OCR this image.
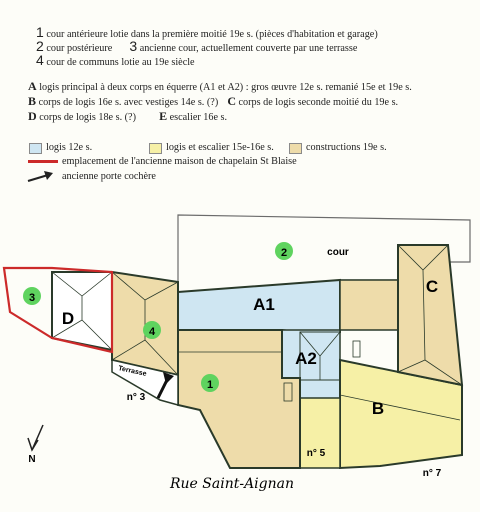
1 cour antérieure lotie dans la première moitié 19e s. (pièces d'habitation et garage)
2 cour postérieure 3 ancienne cour, actuellement couverte par une terrasse
4 cour de communs lotie au 19e siècle
A logis principal à deux corps en équerre (A1 et A2) : gros œuvre 12e s. remanié 15e et 19e s.
B corps de logis 16e s. avec vestiges 14e s. (?) C corps de logis seconde moitié du 19e s.
D corps de logis 18e s. (?) E escalier 16e s.
logis 12e s.	logis et escalier 15e-16e s.	constructions 19e s.
emplacement de l'ancienne maison de chapelain St Blaise
ancienne porte cochère
3
2
4
1
cour
A1
A2
B
C
D
Terrasse
n° 3
n° 5
n° 7
Rue Saint-Aignan
N
